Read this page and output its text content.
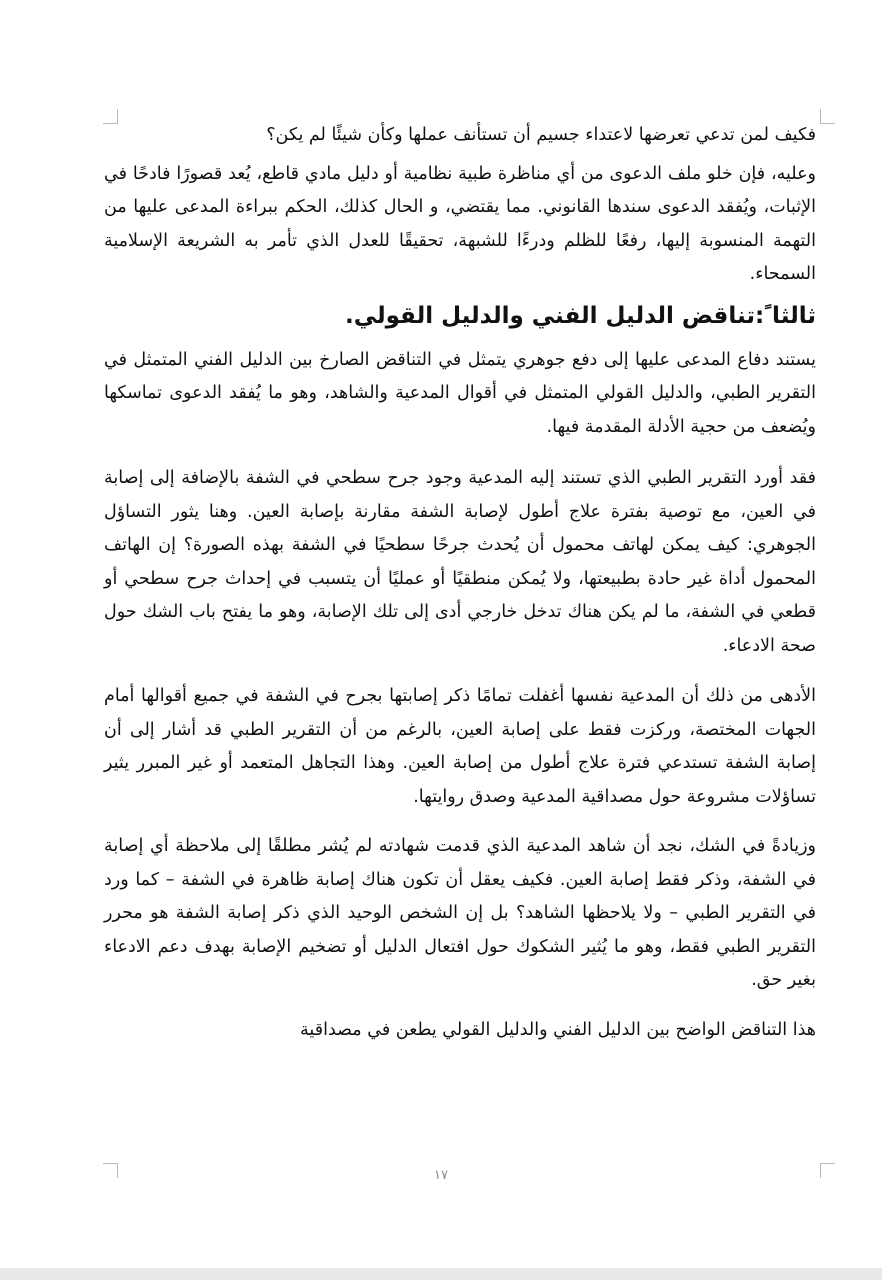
فكيف لمن تدعي تعرضها لاعتداء جسيم أن تستأنف عملها وكأن شيئًا لم يكن؟

وعليه، فإن خلو ملف الدعوى من أي مناظرة طبية نظامية أو دليل مادي قاطع، يُعد قصورًا فادحًا في الإثبات، ويُفقد الدعوى سندها القانوني. مما يقتضي، و الحال كذلك، الحكم ببراءة المدعى عليها من التهمة المنسوبة إليها، رفعًا للظلم ودرءًا للشبهة، تحقيقًا للعدل الذي تأمر به الشريعة الإسلامية السمحاء.

ثالثا ً:تناقض الدليل الفني والدليل القولي.

يستند دفاع المدعى عليها إلى دفع جوهري يتمثل في التناقض الصارخ بين الدليل الفني المتمثل في التقرير الطبي، والدليل القولي المتمثل في أقوال المدعية والشاهد، وهو ما يُفقد الدعوى تماسكها ويُضعف من حجية الأدلة المقدمة فيها.

فقد أورد التقرير الطبي الذي تستند إليه المدعية وجود جرح سطحي في الشفة بالإضافة إلى إصابة في العين، مع توصية بفترة علاج أطول لإصابة الشفة مقارنة بإصابة العين. وهنا يثور التساؤل الجوهري: كيف يمكن لهاتف محمول أن يُحدث جرحًا سطحيًا في الشفة بهذه الصورة؟ إن الهاتف المحمول أداة غير حادة بطبيعتها، ولا يُمكن منطقيًا أو عمليًا أن يتسبب في إحداث جرح سطحي أو قطعي في الشفة، ما لم يكن هناك تدخل خارجي أدى إلى تلك الإصابة، وهو ما يفتح باب الشك حول صحة الادعاء.

الأدهى من ذلك أن المدعية نفسها أغفلت تمامًا ذكر إصابتها بجرح في الشفة في جميع أقوالها أمام الجهات المختصة، وركزت فقط على إصابة العين، بالرغم من أن التقرير الطبي قد أشار إلى أن إصابة الشفة تستدعي فترة علاج أطول من إصابة العين. وهذا التجاهل المتعمد أو غير المبرر يثير تساؤلات مشروعة حول مصداقية المدعية وصدق روايتها.

وزيادةً في الشك، نجد أن شاهد المدعية الذي قدمت شهادته لم يُشر مطلقًا إلى ملاحظة أي إصابة في الشفة، وذكر فقط إصابة العين. فكيف يعقل أن تكون هناك إصابة ظاهرة في الشفة – كما ورد في التقرير الطبي – ولا يلاحظها الشاهد؟ بل إن الشخص الوحيد الذي ذكر إصابة الشفة هو محرر التقرير الطبي فقط، وهو ما يُثير الشكوك حول افتعال الدليل أو تضخيم الإصابة بهدف دعم الادعاء بغير حق.

هذا التناقض الواضح بين الدليل الفني والدليل القولي يطعن في مصداقية

١٧
